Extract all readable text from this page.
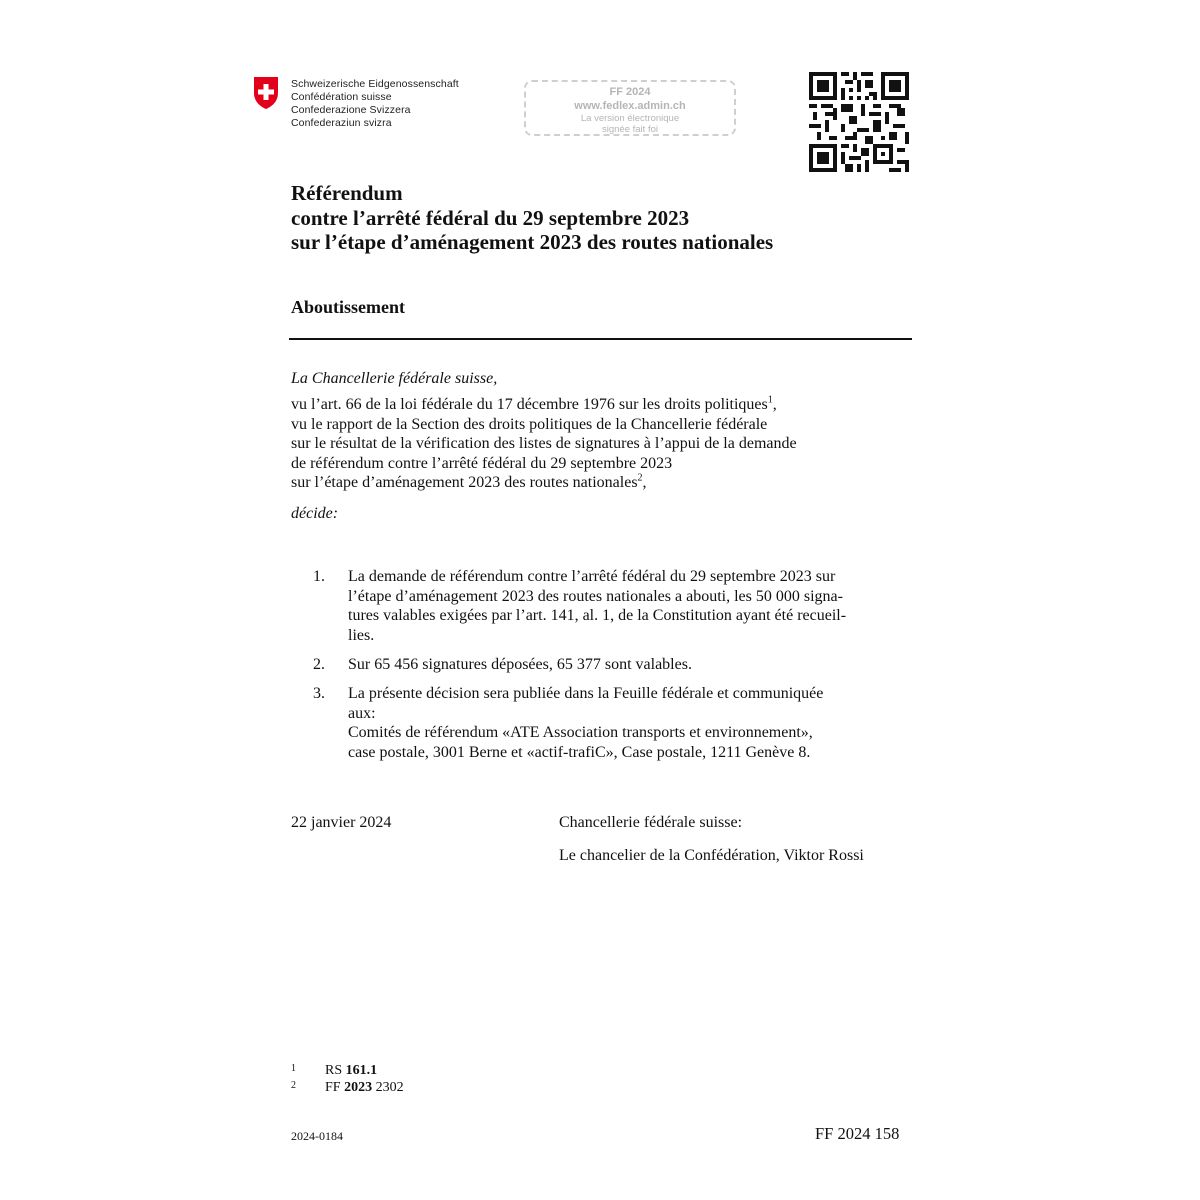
Schweizerische Eidgenossenschaft
Confédération suisse
Confederazione Svizzera
Confederaziun svizra
FF 2024
www.fedlex.admin.ch
La version électronique
signée fait foi
Référendum
contre l’arrêté fédéral du 29 septembre 2023
sur l’étape d’aménagement 2023 des routes nationales
Aboutissement
La Chancellerie fédérale suisse,
vu l’art. 66 de la loi fédérale du 17 décembre 1976 sur les droits politiques$^1$,
vu le rapport de la Section des droits politiques de la Chancellerie fédérale
sur le résultat de la vérification des listes de signatures à l’appui de la demande
de référendum contre l’arrêté fédéral du 29 septembre 2023
sur l’étape d’aménagement 2023 des routes nationales$^2$,
décide:
1. La demande de référendum contre l’arrêté fédéral du 29 septembre 2023 sur
l’étape d’aménagement 2023 des routes nationales a abouti, les 50 000 signa-
tures valables exigées par l’art. 141, al. 1, de la Constitution ayant été recueil-
lies.
2. Sur 65 456 signatures déposées, 65 377 sont valables.
3. La présente décision sera publiée dans la Feuille fédérale et communiquée
aux:
Comités de référendum «ATE Association transports et environnement»,
case postale, 3001 Berne et «actif-trafiC», Case postale, 1211 Genève 8.
22 janvier 2024	Chancellerie fédérale suisse:
Le chancelier de la Confédération, Viktor Rossi
1 RS 161.1
2 FF 2023 2302
2024-0184	FF 2024 158
